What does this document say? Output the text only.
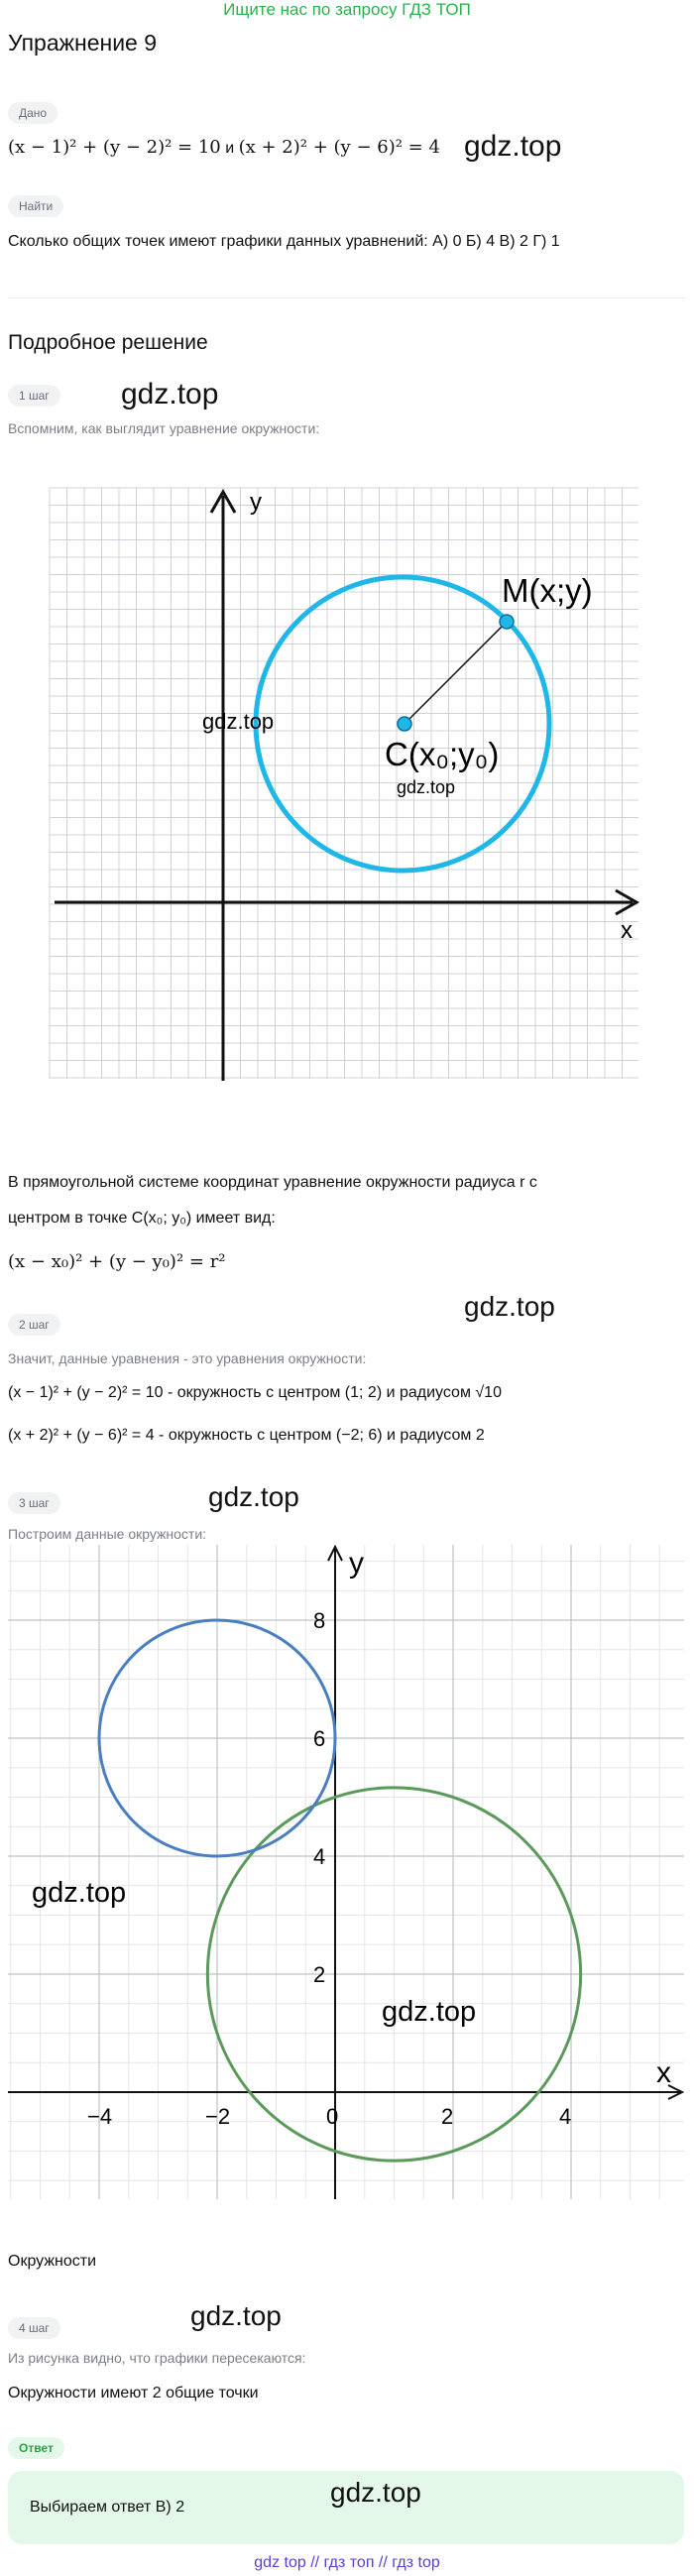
Ищите нас по запросу ГДЗ ТОП
Упражнение 9
Дано
(x − 1)² + (y − 2)² = 10 и (x + 2)² + (y − 6)² = 4 gdz.top
Найти
Сколько общих точек имеют графики данных уравнений: А) 0 Б) 4 В) 2 Г) 1
Подробное решение
1 шаг	gdz.top
Вспомним, как выглядит уравнение окружности:
y
x
M(x;y)
C(x₀;y₀)
gdz.top
gdz.top
В прямоугольной системе координат уравнение окружности радиуса r с
центром в точке C(x₀; y₀) имеет вид:
(x − x₀)² + (y − y₀)² = r²
2 шаг
gdz.top
Значит, данные уравнения - это уравнения окружности:
(x − 1)² + (y − 2)² = 10 - окружность с центром (1; 2) и радиусом √10
(x + 2)² + (y − 6)² = 4 - окружность с центром (−2; 6) и радиусом 2
3 шаг	gdz.top
Построим данные окружности:
x
y
−4	−2	0	2	4
2
4
6
8
gdz.top
gdz.top
Окружности
4 шаг	gdz.top
Из рисунка видно, что графики пересекаются:
Окружности имеют 2 общие точки
Ответ
Выбираем ответ В) 2	gdz.top
gdz top // гдз топ // гдз top
